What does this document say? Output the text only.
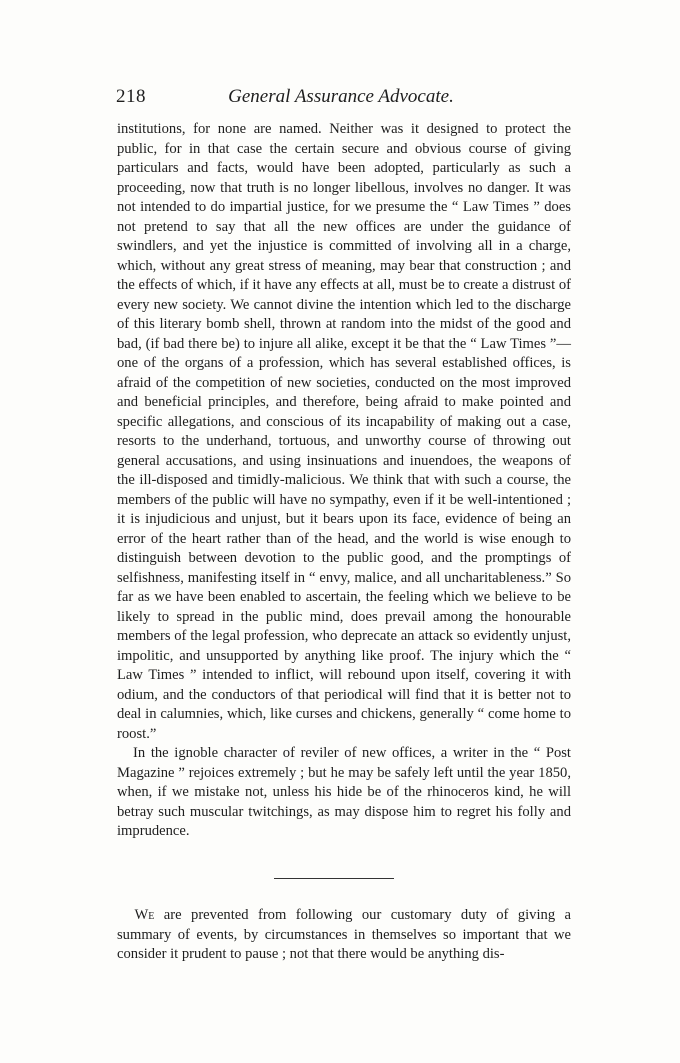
218	General Assurance Advocate.

institutions, for none are named. Neither was it designed to protect the public, for in that case the certain secure and obvious course of giving particulars and facts, would have been adopted, particularly as such a proceeding, now that truth is no longer libellous, involves no danger. It was not intended to do impartial justice, for we presume the “ Law Times ” does not pretend to say that all the new offices are under the guidance of swindlers, and yet the injustice is committed of involving all in a charge, which, without any great stress of meaning, may bear that construction ; and the effects of which, if it have any effects at all, must be to create a distrust of every new society. We cannot divine the intention which led to the discharge of this literary bomb shell, thrown at random into the midst of the good and bad, (if bad there be) to injure all alike, except it be that the “ Law Times ”—one of the organs of a profession, which has several established offices, is afraid of the competition of new societies, conducted on the most improved and beneficial principles, and therefore, being afraid to make pointed and specific allegations, and conscious of its incapability of making out a case, resorts to the underhand, tortuous, and unworthy course of throwing out general accusations, and using insinuations and inuendoes, the weapons of the ill-disposed and timidly-malicious. We think that with such a course, the members of the public will have no sympathy, even if it be well-intentioned ; it is injudicious and unjust, but it bears upon its face, evidence of being an error of the heart rather than of the head, and the world is wise enough to distinguish between devotion to the public good, and the promptings of selfishness, manifesting itself in “ envy, malice, and all uncharitableness.” So far as we have been enabled to ascertain, the feeling which we believe to be likely to spread in the public mind, does prevail among the honourable members of the legal profession, who deprecate an attack so evidently unjust, impolitic, and unsupported by anything like proof. The injury which the “ Law Times ” intended to inflict, will rebound upon itself, covering it with odium, and the conductors of that periodical will find that it is better not to deal in calumnies, which, like curses and chickens, generally “ come home to roost.”

In the ignoble character of reviler of new offices, a writer in the “ Post Magazine ” rejoices extremely ; but he may be safely left until the year 1850, when, if we mistake not, unless his hide be of the rhinoceros kind, he will betray such muscular twitchings, as may dispose him to regret his folly and imprudence.

We are prevented from following our customary duty of giving a summary of events, by circumstances in themselves so important that we consider it prudent to pause ; not that there would be anything dis-
